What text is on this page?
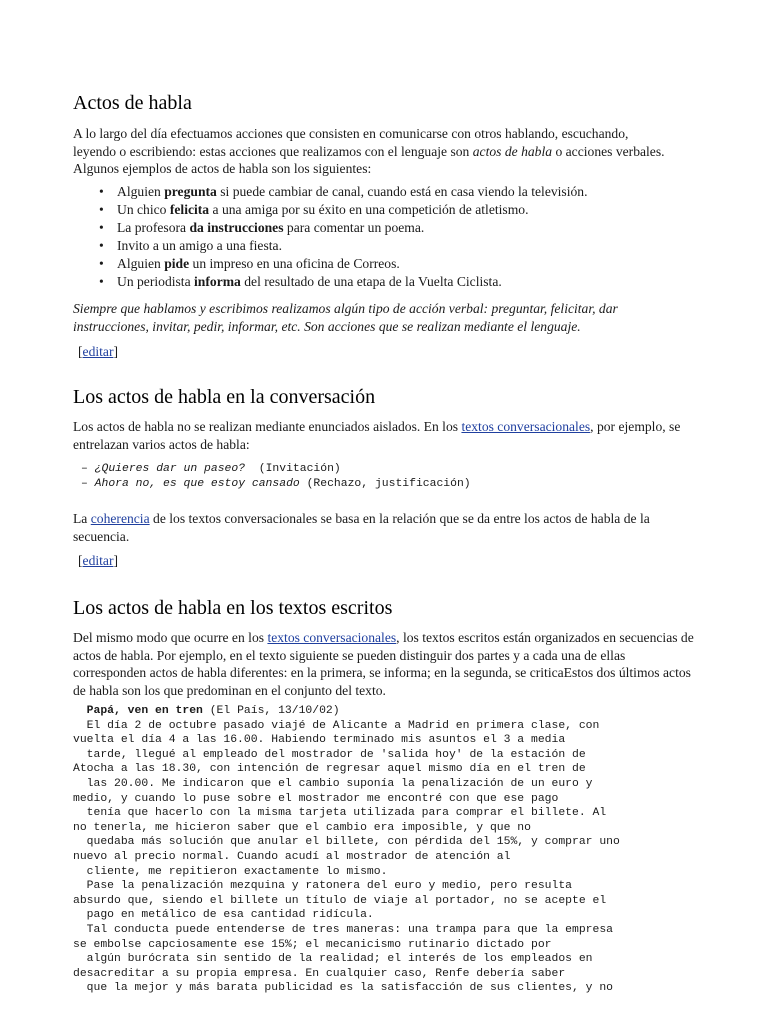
Actos de habla

A lo largo del día efectuamos acciones que consisten en comunicarse con otros hablando, escuchando, leyendo o escribiendo: estas acciones que realizamos con el lenguaje son actos de habla o acciones verbales. Algunos ejemplos de actos de habla son los siguientes:

• Alguien pregunta si puede cambiar de canal, cuando está en casa viendo la televisión.
• Un chico felicita a una amiga por su éxito en una competición de atletismo.
• La profesora da instrucciones para comentar un poema.
• Invito a un amigo a una fiesta.
• Alguien pide un impreso en una oficina de Correos.
• Un periodista informa del resultado de una etapa de la Vuelta Ciclista.

Siempre que hablamos y escribimos realizamos algún tipo de acción verbal: preguntar, felicitar, dar instrucciones, invitar, pedir, informar, etc. Son acciones que se realizan mediante el lenguaje.

[editar]

Los actos de habla en la conversación

Los actos de habla no se realizan mediante enunciados aislados. En los textos conversacionales, por ejemplo, se entrelazan varios actos de habla:

La coherencia de los textos conversacionales se basa en la relación que se da entre los actos de habla de la secuencia.

[editar]

Los actos de habla en los textos escritos

Del mismo modo que ocurre en los textos conversacionales, los textos escritos están organizados en secuencias de actos de habla. Por ejemplo, en el texto siguiente se pueden distinguir dos partes y a cada una de ellas corresponden actos de habla diferentes: en la primera, se informa; en la segunda, se criticaEstos dos últimos actos de habla son los que predominan en el conjunto del texto.

– ¿Quieres dar un paseo?  (Invitación)
– Ahora no, es que estoy cansado (Rechazo, justificación)
Papá, ven en tren (El País, 13/10/02)
El día 2 de octubre pasado viajé de Alicante a Madrid en primera clase, con
vuelta el día 4 a las 16.00. Habiendo terminado mis asuntos el 3 a media
tarde, llegué al empleado del mostrador de 'salida hoy' de la estación de
Atocha a las 18.30, con intención de regresar aquel mismo día en el tren de
las 20.00. Me indicaron que el cambio suponía la penalización de un euro y
medio, y cuando lo puse sobre el mostrador me encontré con que ese pago
tenía que hacerlo con la misma tarjeta utilizada para comprar el billete. Al
no tenerla, me hicieron saber que el cambio era imposible, y que no
quedaba más solución que anular el billete, con pérdida del 15%, y comprar uno
nuevo al precio normal. Cuando acudí al mostrador de atención al
cliente, me repitieron exactamente lo mismo.
Pase la penalización mezquina y ratonera del euro y medio, pero resulta
absurdo que, siendo el billete un título de viaje al portador, no se acepte el
pago en metálico de esa cantidad ridícula.
Tal conducta puede entenderse de tres maneras: una trampa para que la empresa
se embolse capciosamente ese 15%; el mecanicismo rutinario dictado por
algún burócrata sin sentido de la realidad; el interés de los empleados en
desacreditar a su propia empresa. En cualquier caso, Renfe debería saber
que la mejor y más barata publicidad es la satisfacción de sus clientes, y no
